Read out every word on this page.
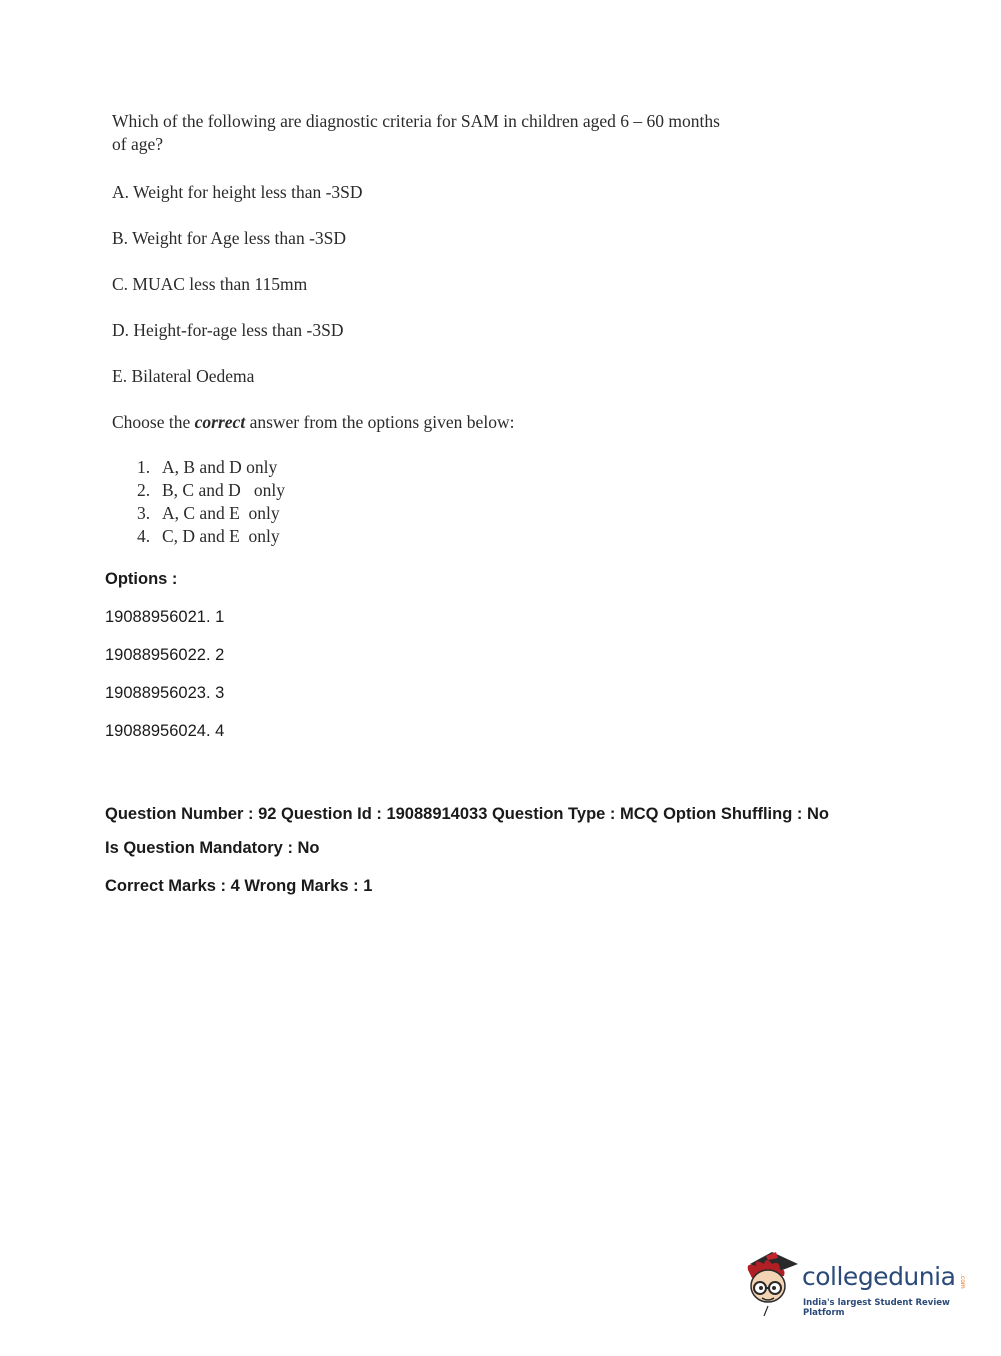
Which of the following are diagnostic criteria for SAM in children aged 6 – 60 months of age?

A. Weight for height less than -3SD

B. Weight for Age less than -3SD

C. MUAC less than 115mm

D. Height-for-age less than -3SD

E. Bilateral Oedema

Choose the correct answer from the options given below:

1. A, B and D only
2. B, C and D   only
3. A, C and E  only
4. C, D and E  only
Options :
19088956021. 1
19088956022. 2
19088956023. 3
19088956024. 4
Question Number : 92 Question Id : 19088914033 Question Type : MCQ Option Shuffling : No
Is Question Mandatory : No
Correct Marks : 4 Wrong Marks : 1
collegedunia .com
India's largest Student Review Platform
